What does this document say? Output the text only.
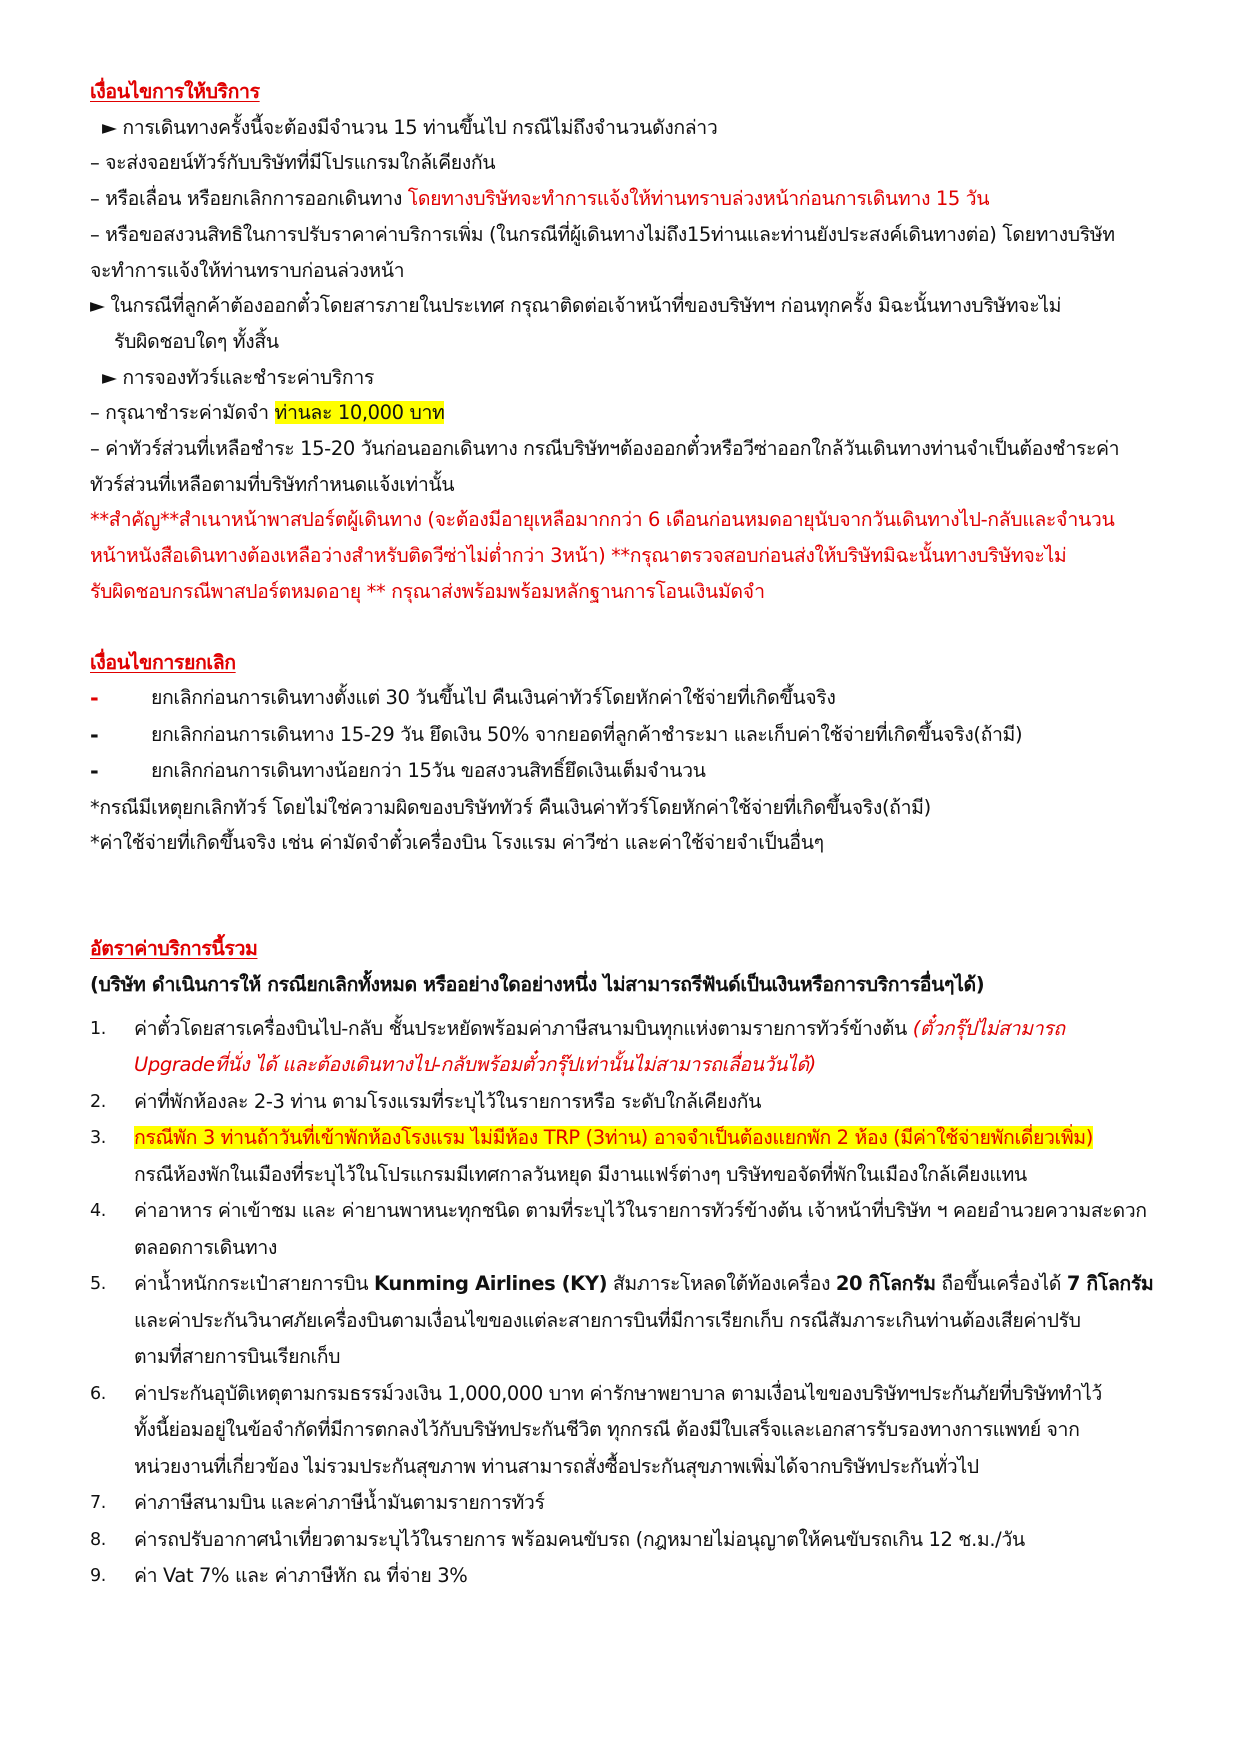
เงื่อนไขการให้บริการ

► การเดินทางครั้งนี้จะต้องมีจำนวน 15 ท่านขึ้นไป กรณีไม่ถึงจำนวนดังกล่าว

– จะส่งจอยน์ทัวร์กับบริษัทที่มีโปรแกรมใกล้เคียงกัน

– หรือเลื่อน หรือยกเลิกการออกเดินทาง โดยทางบริษัทจะทำการแจ้งให้ท่านทราบล่วงหน้าก่อนการเดินทาง 15 วัน

– หรือขอสงวนสิทธิในการปรับราคาค่าบริการเพิ่ม (ในกรณีที่ผู้เดินทางไม่ถึง15ท่านและท่านยังประสงค์เดินทางต่อ) โดยทางบริษัท

จะทำการแจ้งให้ท่านทราบก่อนล่วงหน้า

► ในกรณีที่ลูกค้าต้องออกตั๋วโดยสารภายในประเทศ กรุณาติดต่อเจ้าหน้าที่ของบริษัทฯ ก่อนทุกครั้ง มิฉะนั้นทางบริษัทจะไม่

รับผิดชอบใดๆ ทั้งสิ้น

► การจองทัวร์และชำระค่าบริการ

– กรุณาชำระค่ามัดจำ ท่านละ 10,000 บาท

– ค่าทัวร์ส่วนที่เหลือชำระ 15-20 วันก่อนออกเดินทาง กรณีบริษัทฯต้องออกตั๋วหรือวีซ่าออกใกล้วันเดินทางท่านจำเป็นต้องชำระค่า

ทัวร์ส่วนที่เหลือตามที่บริษัทกำหนดแจ้งเท่านั้น

**สำคัญ**สำเนาหน้าพาสปอร์ตผู้เดินทาง (จะต้องมีอายุเหลือมากกว่า 6 เดือนก่อนหมดอายุนับจากวันเดินทางไป-กลับและจำนวน

หน้าหนังสือเดินทางต้องเหลือว่างสำหรับติดวีซ่าไม่ต่ำกว่า 3หน้า) **กรุณาตรวจสอบก่อนส่งให้บริษัทมิฉะนั้นทางบริษัทจะไม่

รับผิดชอบกรณีพาสปอร์ตหมดอายุ ** กรุณาส่งพร้อมพร้อมหลักฐานการโอนเงินมัดจำ

เงื่อนไขการยกเลิก

-	ยกเลิกก่อนการเดินทางตั้งแต่ 30 วันขึ้นไป คืนเงินค่าทัวร์โดยหักค่าใช้จ่ายที่เกิดขึ้นจริง
-	ยกเลิกก่อนการเดินทาง 15-29 วัน ยึดเงิน 50% จากยอดที่ลูกค้าชำระมา และเก็บค่าใช้จ่ายที่เกิดขึ้นจริง(ถ้ามี)
-	ยกเลิกก่อนการเดินทางน้อยกว่า 15วัน ขอสงวนสิทธิ์ยึดเงินเต็มจำนวน

*กรณีมีเหตุยกเลิกทัวร์ โดยไม่ใช่ความผิดของบริษัททัวร์ คืนเงินค่าทัวร์โดยหักค่าใช้จ่ายที่เกิดขึ้นจริง(ถ้ามี)

*ค่าใช้จ่ายที่เกิดขึ้นจริง เช่น ค่ามัดจำตั๋วเครื่องบิน โรงแรม ค่าวีซ่า และค่าใช้จ่ายจำเป็นอื่นๆ

อัตราค่าบริการนี้รวม

(บริษัท ดำเนินการให้ กรณียกเลิกทั้งหมด หรืออย่างใดอย่างหนึ่ง ไม่สามารถรีฟันด์เป็นเงินหรือการบริการอื่นๆได้)

1.	ค่าตั๋วโดยสารเครื่องบินไป-กลับ ชั้นประหยัดพร้อมค่าภาษีสนามบินทุกแห่งตามรายการทัวร์ข้างต้น (ตั๋วกรุ๊ปไม่สามารถ
Upgradeที่นั่ง ได้ และต้องเดินทางไป-กลับพร้อมตั๋วกรุ๊ปเท่านั้นไม่สามารถเลื่อนวันได้)
2.	ค่าที่พักห้องละ 2-3 ท่าน ตามโรงแรมที่ระบุไว้ในรายการหรือ ระดับใกล้เคียงกัน
3.	กรณีพัก 3 ท่านถ้าวันที่เข้าพักห้องโรงแรม ไม่มีห้อง TRP (3ท่าน) อาจจำเป็นต้องแยกพัก 2 ห้อง (มีค่าใช้จ่ายพักเดี่ยวเพิ่ม)
กรณีห้องพักในเมืองที่ระบุไว้ในโปรแกรมมีเทศกาลวันหยุด มีงานแฟร์ต่างๆ บริษัทขอจัดที่พักในเมืองใกล้เคียงแทน
4.	ค่าอาหาร ค่าเข้าชม และ ค่ายานพาหนะทุกชนิด ตามที่ระบุไว้ในรายการทัวร์ข้างต้น เจ้าหน้าที่บริษัท ฯ คอยอำนวยความสะดวก
ตลอดการเดินทาง
5.	ค่าน้ำหนักกระเป๋าสายการบิน Kunming Airlines (KY) สัมภาระโหลดใต้ท้องเครื่อง 20 กิโลกรัม ถือขึ้นเครื่องได้ 7 กิโลกรัม
และค่าประกันวินาศภัยเครื่องบินตามเงื่อนไขของแต่ละสายการบินที่มีการเรียกเก็บ กรณีสัมภาระเกินท่านต้องเสียค่าปรับ
ตามที่สายการบินเรียกเก็บ
6.	ค่าประกันอุบัติเหตุตามกรมธรรม์วงเงิน 1,000,000 บาท ค่ารักษาพยาบาล ตามเงื่อนไขของบริษัทฯประกันภัยที่บริษัททำไว้
ทั้งนี้ย่อมอยู่ในข้อจำกัดที่มีการตกลงไว้กับบริษัทประกันชีวิต ทุกกรณี ต้องมีใบเสร็จและเอกสารรับรองทางการแพทย์ จาก
หน่วยงานที่เกี่ยวข้อง ไม่รวมประกันสุขภาพ ท่านสามารถสั่งซื้อประกันสุขภาพเพิ่มได้จากบริษัทประกันทั่วไป
7.	ค่าภาษีสนามบิน และค่าภาษีน้ำมันตามรายการทัวร์
8.	ค่ารถปรับอากาศนำเที่ยวตามระบุไว้ในรายการ พร้อมคนขับรถ (กฎหมายไม่อนุญาตให้คนขับรถเกิน 12 ช.ม./วัน
9.	ค่า Vat 7% และ ค่าภาษีหัก ณ ที่จ่าย 3%
